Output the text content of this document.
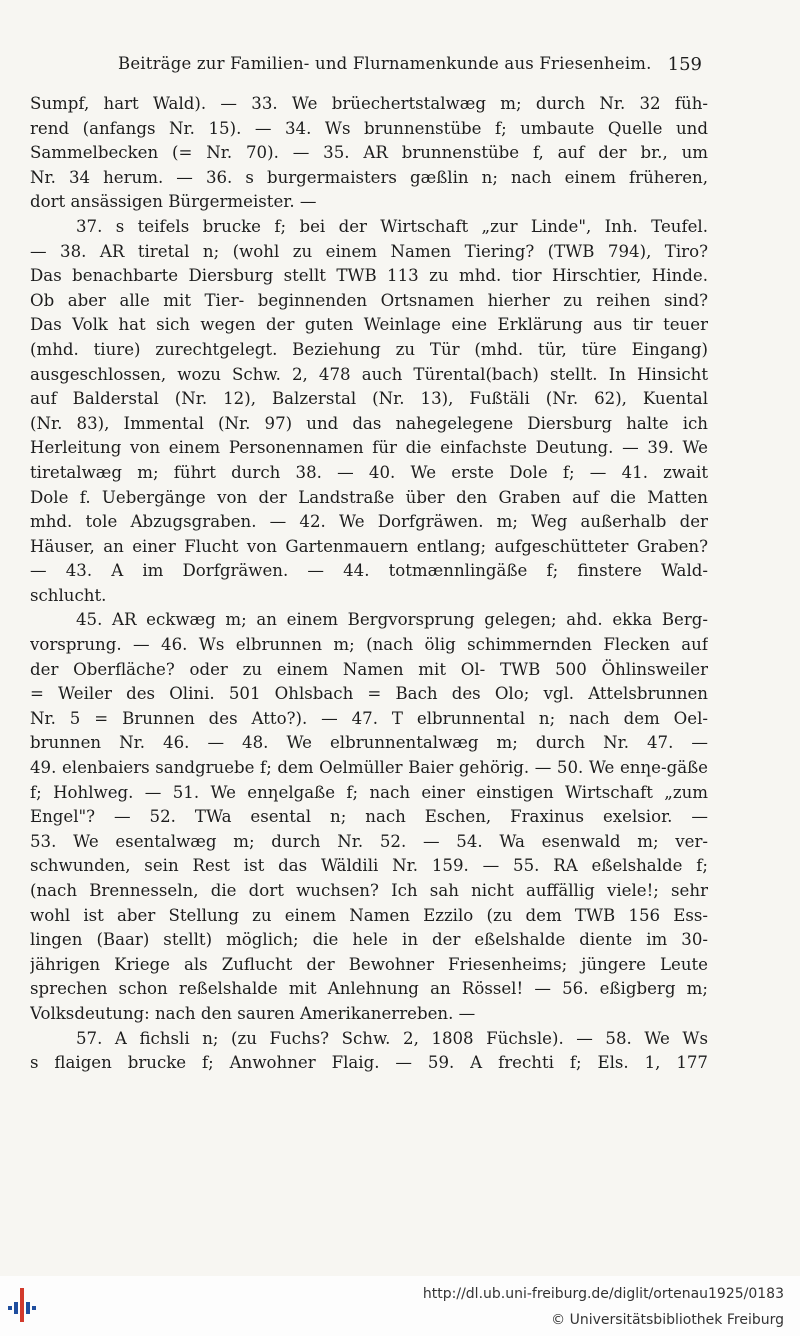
Beiträge zur Familien- und Flurnamenkunde aus Friesenheim. 159
Sumpf, hart Wald). — 33. We brüechertstalwæg m; durch Nr. 32 füh-
rend (anfangs Nr. 15). — 34. Ws brunnenstübe f; umbaute Quelle und
Sammelbecken (= Nr. 70). — 35. AR brunnenstübe f, auf der br., um
Nr. 34 herum. — 36. s burgermaisters gæßlin n; nach einem früheren,
dort ansässigen Bürgermeister. —
37. s teifels brucke f; bei der Wirtschaft „zur Linde", Inh. Teufel.
— 38. AR tiretal n; (wohl zu einem Namen Tiering? (TWB 794), Tiro?
Das benachbarte Diersburg stellt TWB 113 zu mhd. tior Hirschtier, Hinde.
Ob aber alle mit Tier- beginnenden Ortsnamen hierher zu reihen sind?
Das Volk hat sich wegen der guten Weinlage eine Erklärung aus tir teuer
(mhd. tiure) zurechtgelegt. Beziehung zu Tür (mhd. tür, türe Eingang)
ausgeschlossen, wozu Schw. 2, 478 auch Türental(bach) stellt. In Hinsicht
auf Balderstal (Nr. 12), Balzerstal (Nr. 13), Fußtäli (Nr. 62), Kuental
(Nr. 83), Immental (Nr. 97) und das nahegelegene Diersburg halte ich
Herleitung von einem Personennamen für die einfachste Deutung. — 39. We
tiretalwæg m; führt durch 38. — 40. We erste Dole f; — 41. zwait
Dole f. Uebergänge von der Landstraße über den Graben auf die Matten
mhd. tole Abzugsgraben. — 42. We Dorfgräwen. m; Weg außerhalb der
Häuser, an einer Flucht von Gartenmauern entlang; aufgeschütteter Graben?
— 43. A im Dorfgräwen. — 44. totmænnlingäße f; finstere Wald-
schlucht.
45. AR eckwæg m; an einem Bergvorsprung gelegen; ahd. ekka Berg-
vorsprung. — 46. Ws elbrunnen m; (nach ölig schimmernden Flecken auf
der Oberfläche? oder zu einem Namen mit Ol- TWB 500 Öhlinsweiler
= Weiler des Olini. 501 Ohlsbach = Bach des Olo; vgl. Attelsbrunnen
Nr. 5 = Brunnen des Atto?). — 47. T elbrunnental n; nach dem Oel-
brunnen Nr. 46. — 48. We elbrunnentalwæg m; durch Nr. 47. —
49. elenbaiers sandgruebe f; dem Oelmüller Baier gehörig. — 50. We enƞe-gäße
f; Hohlweg. — 51. We enƞelgaße f; nach einer einstigen Wirtschaft „zum
Engel"? — 52. TWa esental n; nach Eschen, Fraxinus exelsior. —
53. We esentalwæg m; durch Nr. 52. — 54. Wa esenwald m; ver-
schwunden, sein Rest ist das Wäldili Nr. 159. — 55. RA eßelshalde f;
(nach Brennesseln, die dort wuchsen? Ich sah nicht auffällig viele!; sehr
wohl ist aber Stellung zu einem Namen Ezzilo (zu dem TWB 156 Ess-
lingen (Baar) stellt) möglich; die hele in der eßelshalde diente im 30-
jährigen Kriege als Zuflucht der Bewohner Friesenheims; jüngere Leute
sprechen schon reßelshalde mit Anlehnung an Rössel! — 56. eßigberg m;
Volksdeutung: nach den sauren Amerikanerreben. —
57. A fichsli n; (zu Fuchs? Schw. 2, 1808 Füchsle). — 58. We Ws
s flaigen brucke f; Anwohner Flaig. — 59. A frechti f; Els. 1, 177
http://dl.ub.uni-freiburg.de/diglit/ortenau1925/0183
© Universitätsbibliothek Freiburg
